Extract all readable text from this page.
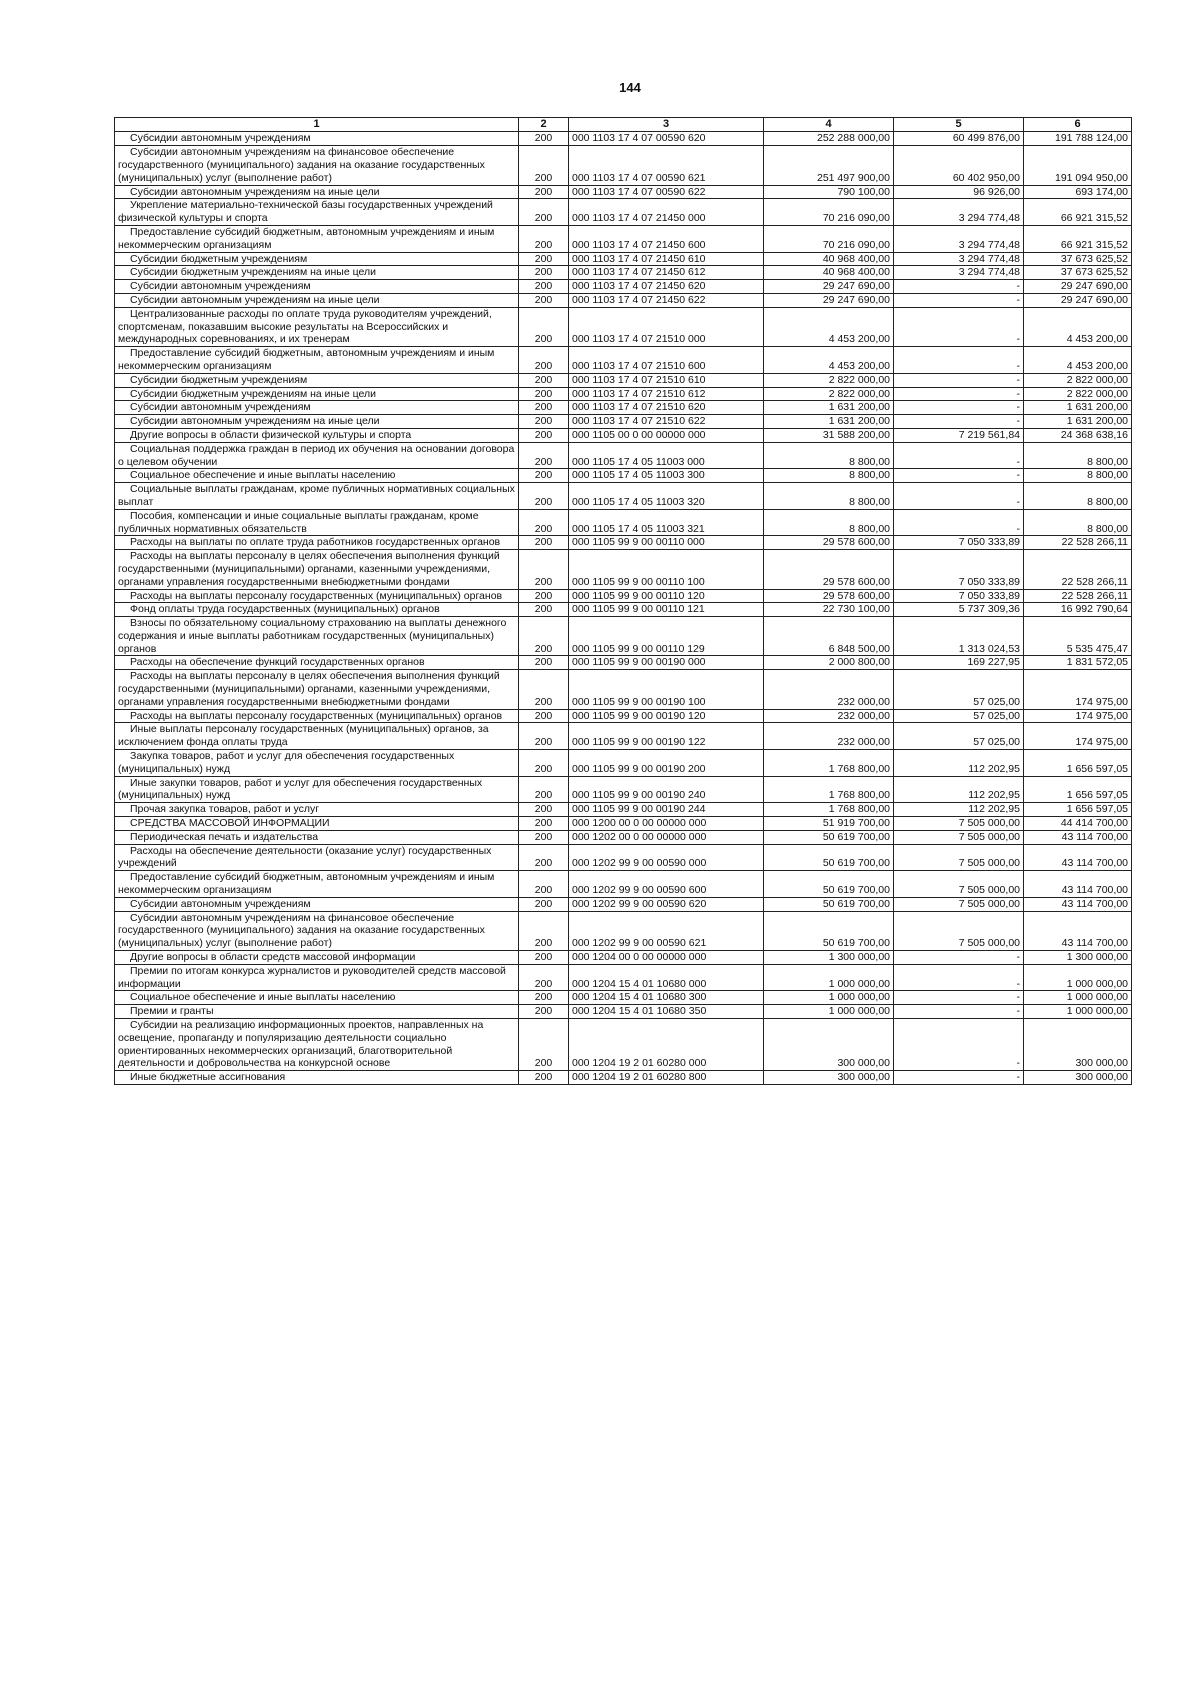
144
1	2	3	4	5	6
Субсидии автономным учреждениям	200	000 1103 17 4 07 00590 620	252 288 000,00	60 499 876,00	191 788 124,00
Субсидии автономным учреждениям на финансовое обеспечение государственного (муниципального) задания на оказание государственных (муниципальных) услуг (выполнение работ)	200	000 1103 17 4 07 00590 621	251 497 900,00	60 402 950,00	191 094 950,00
Субсидии автономным учреждениям на иные цели	200	000 1103 17 4 07 00590 622	790 100,00	96 926,00	693 174,00
Укрепление материально-технической базы государственных учреждений физической культуры и спорта	200	000 1103 17 4 07 21450 000	70 216 090,00	3 294 774,48	66 921 315,52
Предоставление субсидий бюджетным, автономным учреждениям и иным некоммерческим организациям	200	000 1103 17 4 07 21450 600	70 216 090,00	3 294 774,48	66 921 315,52
Субсидии бюджетным учреждениям	200	000 1103 17 4 07 21450 610	40 968 400,00	3 294 774,48	37 673 625,52
Субсидии бюджетным учреждениям на иные цели	200	000 1103 17 4 07 21450 612	40 968 400,00	3 294 774,48	37 673 625,52
Субсидии автономным учреждениям	200	000 1103 17 4 07 21450 620	29 247 690,00	-	29 247 690,00
Субсидии автономным учреждениям на иные цели	200	000 1103 17 4 07 21450 622	29 247 690,00	-	29 247 690,00
Централизованные расходы по оплате труда руководителям учреждений, спортсменам, показавшим высокие результаты на Всероссийских и международных соревнованиях, и их тренерам	200	000 1103 17 4 07 21510 000	4 453 200,00	-	4 453 200,00
Предоставление субсидий бюджетным, автономным учреждениям и иным некоммерческим организациям	200	000 1103 17 4 07 21510 600	4 453 200,00	-	4 453 200,00
Субсидии бюджетным учреждениям	200	000 1103 17 4 07 21510 610	2 822 000,00	-	2 822 000,00
Субсидии бюджетным учреждениям на иные цели	200	000 1103 17 4 07 21510 612	2 822 000,00	-	2 822 000,00
Субсидии автономным учреждениям	200	000 1103 17 4 07 21510 620	1 631 200,00	-	1 631 200,00
Субсидии автономным учреждениям на иные цели	200	000 1103 17 4 07 21510 622	1 631 200,00	-	1 631 200,00
Другие вопросы в области физической культуры и спорта	200	000 1105 00 0 00 00000 000	31 588 200,00	7 219 561,84	24 368 638,16
Социальная поддержка граждан в период их обучения на основании договора о целевом обучении	200	000 1105 17 4 05 11003 000	8 800,00	-	8 800,00
Социальное обеспечение и иные выплаты населению	200	000 1105 17 4 05 11003 300	8 800,00	-	8 800,00
Социальные выплаты гражданам, кроме публичных нормативных социальных выплат	200	000 1105 17 4 05 11003 320	8 800,00	-	8 800,00
Пособия, компенсации и иные социальные выплаты гражданам, кроме публичных нормативных обязательств	200	000 1105 17 4 05 11003 321	8 800,00	-	8 800,00
Расходы на выплаты по оплате труда работников государственных органов	200	000 1105 99 9 00 00110 000	29 578 600,00	7 050 333,89	22 528 266,11
Расходы на выплаты персоналу в целях обеспечения выполнения функций государственными (муниципальными) органами, казенными учреждениями, органами управления государственными внебюджетными фондами	200	000 1105 99 9 00 00110 100	29 578 600,00	7 050 333,89	22 528 266,11
Расходы на выплаты персоналу государственных (муниципальных) органов	200	000 1105 99 9 00 00110 120	29 578 600,00	7 050 333,89	22 528 266,11
Фонд оплаты труда государственных (муниципальных) органов	200	000 1105 99 9 00 00110 121	22 730 100,00	5 737 309,36	16 992 790,64
Взносы по обязательному социальному страхованию на выплаты денежного содержания и иные выплаты работникам государственных (муниципальных) органов	200	000 1105 99 9 00 00110 129	6 848 500,00	1 313 024,53	5 535 475,47
Расходы на обеспечение функций государственных органов	200	000 1105 99 9 00 00190 000	2 000 800,00	169 227,95	1 831 572,05
Расходы на выплаты персоналу в целях обеспечения выполнения функций государственными (муниципальными) органами, казенными учреждениями, органами управления государственными внебюджетными фондами	200	000 1105 99 9 00 00190 100	232 000,00	57 025,00	174 975,00
Расходы на выплаты персоналу государственных (муниципальных) органов	200	000 1105 99 9 00 00190 120	232 000,00	57 025,00	174 975,00
Иные выплаты персоналу государственных (муниципальных) органов, за исключением фонда оплаты труда	200	000 1105 99 9 00 00190 122	232 000,00	57 025,00	174 975,00
Закупка товаров, работ и услуг для обеспечения государственных (муниципальных) нужд	200	000 1105 99 9 00 00190 200	1 768 800,00	112 202,95	1 656 597,05
Иные закупки товаров, работ и услуг для обеспечения государственных (муниципальных) нужд	200	000 1105 99 9 00 00190 240	1 768 800,00	112 202,95	1 656 597,05
Прочая закупка товаров, работ и услуг	200	000 1105 99 9 00 00190 244	1 768 800,00	112 202,95	1 656 597,05
СРЕДСТВА МАССОВОЙ ИНФОРМАЦИИ	200	000 1200 00 0 00 00000 000	51 919 700,00	7 505 000,00	44 414 700,00
Периодическая печать и издательства	200	000 1202 00 0 00 00000 000	50 619 700,00	7 505 000,00	43 114 700,00
Расходы на обеспечение деятельности (оказание услуг) государственных учреждений	200	000 1202 99 9 00 00590 000	50 619 700,00	7 505 000,00	43 114 700,00
Предоставление субсидий бюджетным, автономным учреждениям и иным некоммерческим организациям	200	000 1202 99 9 00 00590 600	50 619 700,00	7 505 000,00	43 114 700,00
Субсидии автономным учреждениям	200	000 1202 99 9 00 00590 620	50 619 700,00	7 505 000,00	43 114 700,00
Субсидии автономным учреждениям на финансовое обеспечение государственного (муниципального) задания на оказание государственных (муниципальных) услуг (выполнение работ)	200	000 1202 99 9 00 00590 621	50 619 700,00	7 505 000,00	43 114 700,00
Другие вопросы в области средств массовой информации	200	000 1204 00 0 00 00000 000	1 300 000,00	-	1 300 000,00
Премии по итогам конкурса журналистов и руководителей средств массовой информации	200	000 1204 15 4 01 10680 000	1 000 000,00	-	1 000 000,00
Социальное обеспечение и иные выплаты населению	200	000 1204 15 4 01 10680 300	1 000 000,00	-	1 000 000,00
Премии и гранты	200	000 1204 15 4 01 10680 350	1 000 000,00	-	1 000 000,00
Субсидии на реализацию информационных проектов, направленных на освещение, пропаганду и популяризацию деятельности социально ориентированных некоммерческих организаций, благотворительной деятельности и добровольчества на конкурсной основе	200	000 1204 19 2 01 60280 000	300 000,00	-	300 000,00
Иные бюджетные ассигнования	200	000 1204 19 2 01 60280 800	300 000,00	-	300 000,00
